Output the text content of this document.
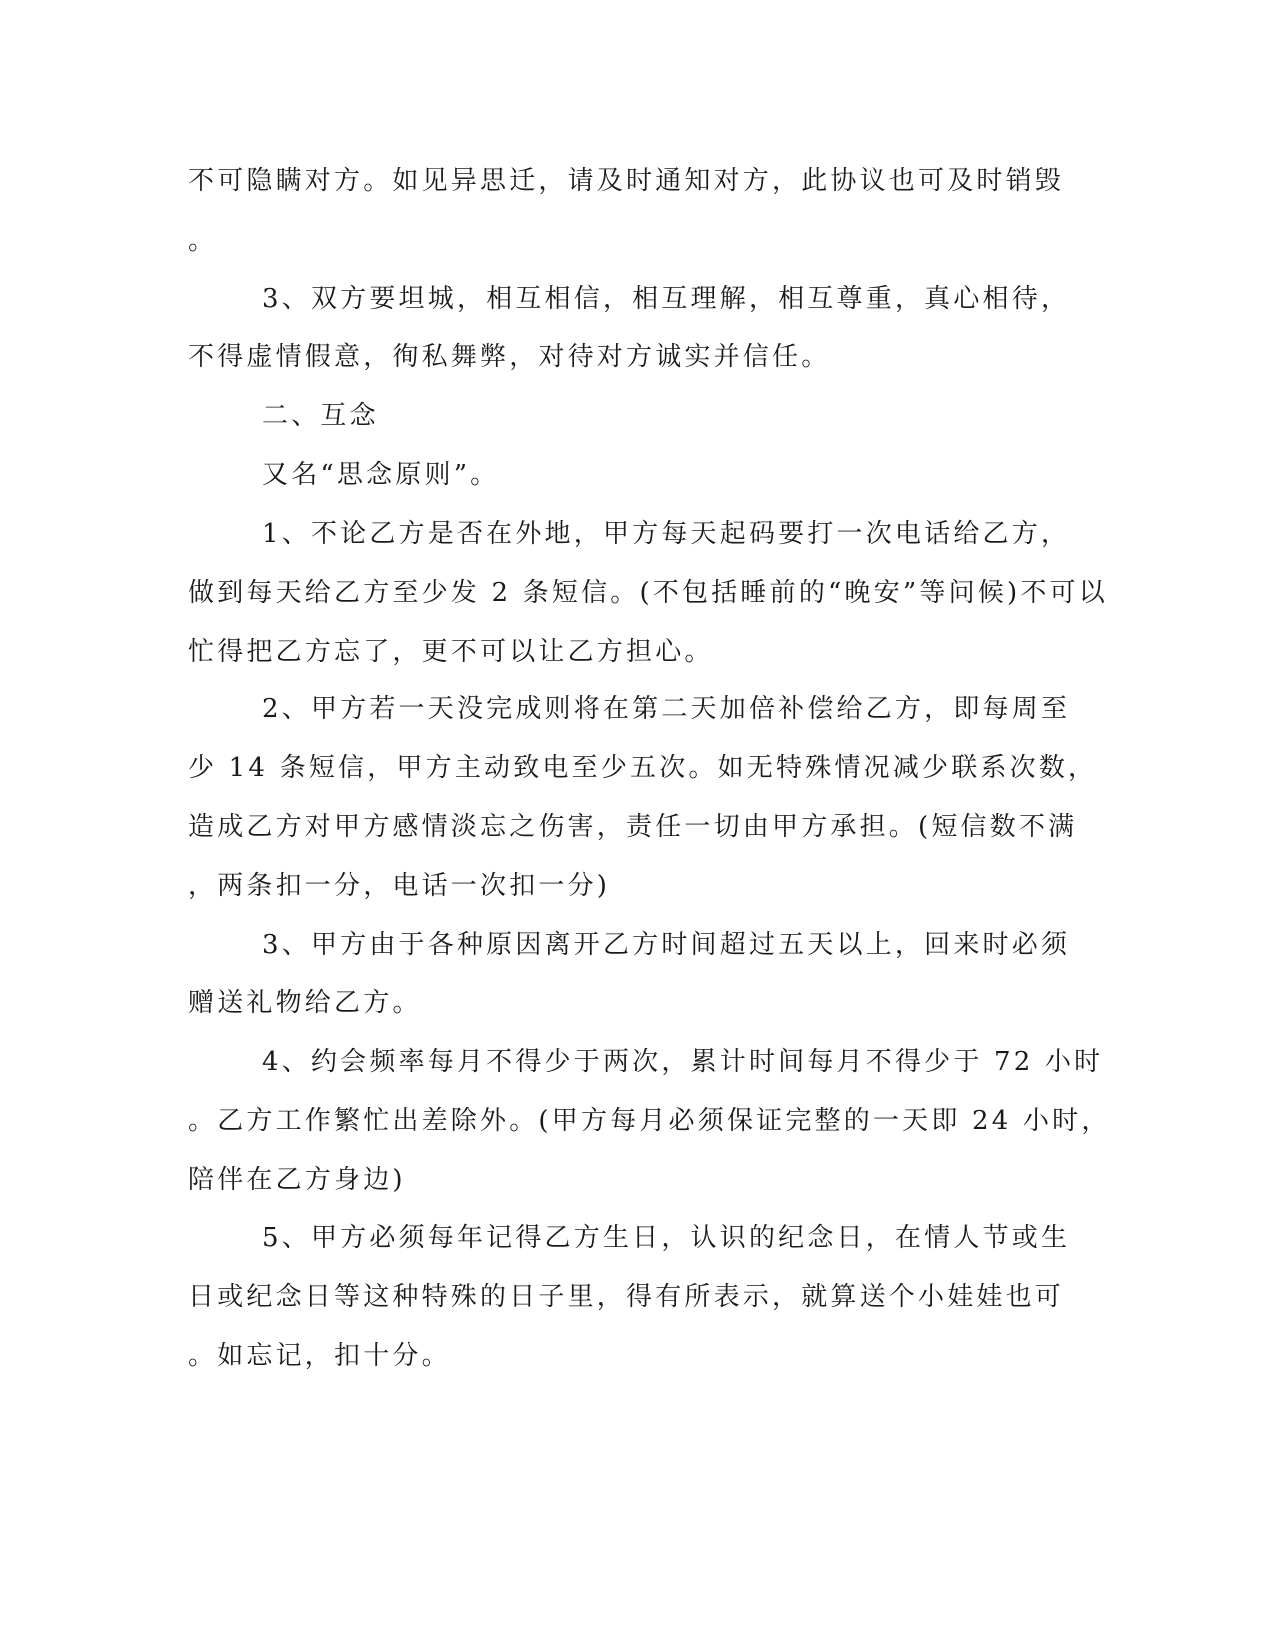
不可隐瞒对方。如见异思迁，请及时通知对方，此协议也可及时销毁
。
3、双方要坦城，相互相信，相互理解，相互尊重，真心相待，
不得虚情假意，徇私舞弊，对待对方诚实并信任。
二、互念
又名“思念原则”。
1、不论乙方是否在外地，甲方每天起码要打一次电话给乙方，
做到每天给乙方至少发 2 条短信。(不包括睡前的“晚安”等问候)不可以
忙得把乙方忘了，更不可以让乙方担心。
2、甲方若一天没完成则将在第二天加倍补偿给乙方，即每周至
少 14 条短信，甲方主动致电至少五次。如无特殊情况减少联系次数，
造成乙方对甲方感情淡忘之伤害，责任一切由甲方承担。(短信数不满
，两条扣一分，电话一次扣一分)
3、甲方由于各种原因离开乙方时间超过五天以上，回来时必须
赠送礼物给乙方。
4、约会频率每月不得少于两次，累计时间每月不得少于 72 小时
。乙方工作繁忙出差除外。(甲方每月必须保证完整的一天即 24 小时，
陪伴在乙方身边)
5、甲方必须每年记得乙方生日，认识的纪念日，在情人节或生
日或纪念日等这种特殊的日子里，得有所表示，就算送个小娃娃也可
。如忘记，扣十分。
